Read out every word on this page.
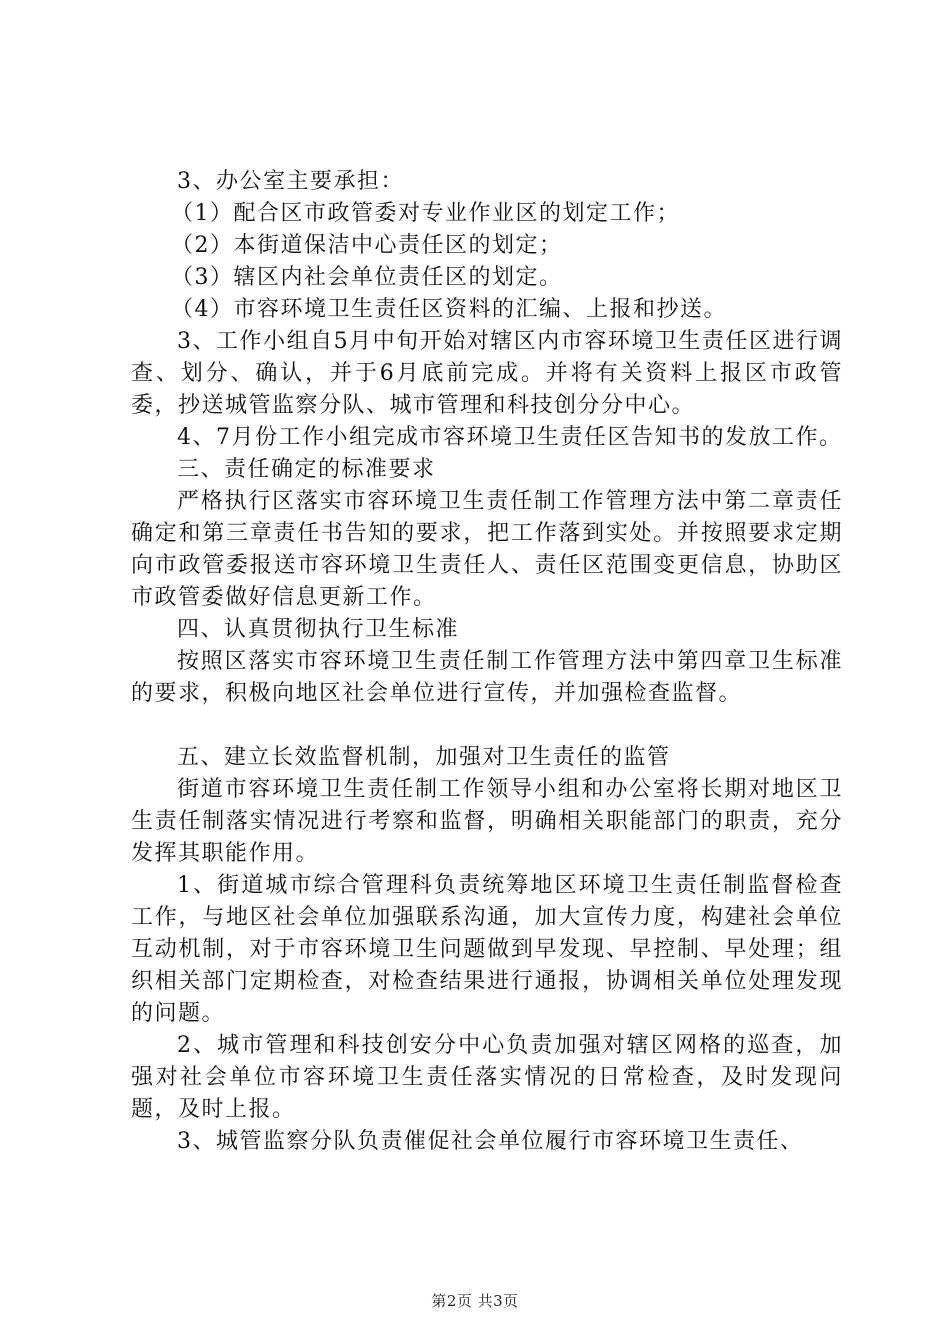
3、办公室主要承担：

（1）配合区市政管委对专业作业区的划定工作；

（2）本街道保洁中心责任区的划定；

（3）辖区内社会单位责任区的划定。

（4）市容环境卫生责任区资料的汇编、上报和抄送。

3、工作小组自5月中旬开始对辖区内市容环境卫生责任区进行调查、划分、确认，并于6月底前完成。并将有关资料上报区市政管委，抄送城管监察分队、城市管理和科技创分分中心。

4、7月份工作小组完成市容环境卫生责任区告知书的发放工作。

三、责任确定的标准要求

严格执行区落实市容环境卫生责任制工作管理方法中第二章责任确定和第三章责任书告知的要求，把工作落到实处。并按照要求定期向市政管委报送市容环境卫生责任人、责任区范围变更信息，协助区市政管委做好信息更新工作。

四、认真贯彻执行卫生标准

按照区落实市容环境卫生责任制工作管理方法中第四章卫生标准的要求，积极向地区社会单位进行宣传，并加强检查监督。

五、建立长效监督机制，加强对卫生责任的监管

街道市容环境卫生责任制工作领导小组和办公室将长期对地区卫生责任制落实情况进行考察和监督，明确相关职能部门的职责，充分发挥其职能作用。

1、街道城市综合管理科负责统筹地区环境卫生责任制监督检查工作，与地区社会单位加强联系沟通，加大宣传力度，构建社会单位互动机制，对于市容环境卫生问题做到早发现、早控制、早处理；组织相关部门定期检查，对检查结果进行通报，协调相关单位处理发现的问题。

2、城市管理和科技创安分中心负责加强对辖区网格的巡查，加强对社会单位市容环境卫生责任落实情况的日常检查，及时发现问题，及时上报。

3、城管监察分队负责催促社会单位履行市容环境卫生责任、

第2页 共3页
